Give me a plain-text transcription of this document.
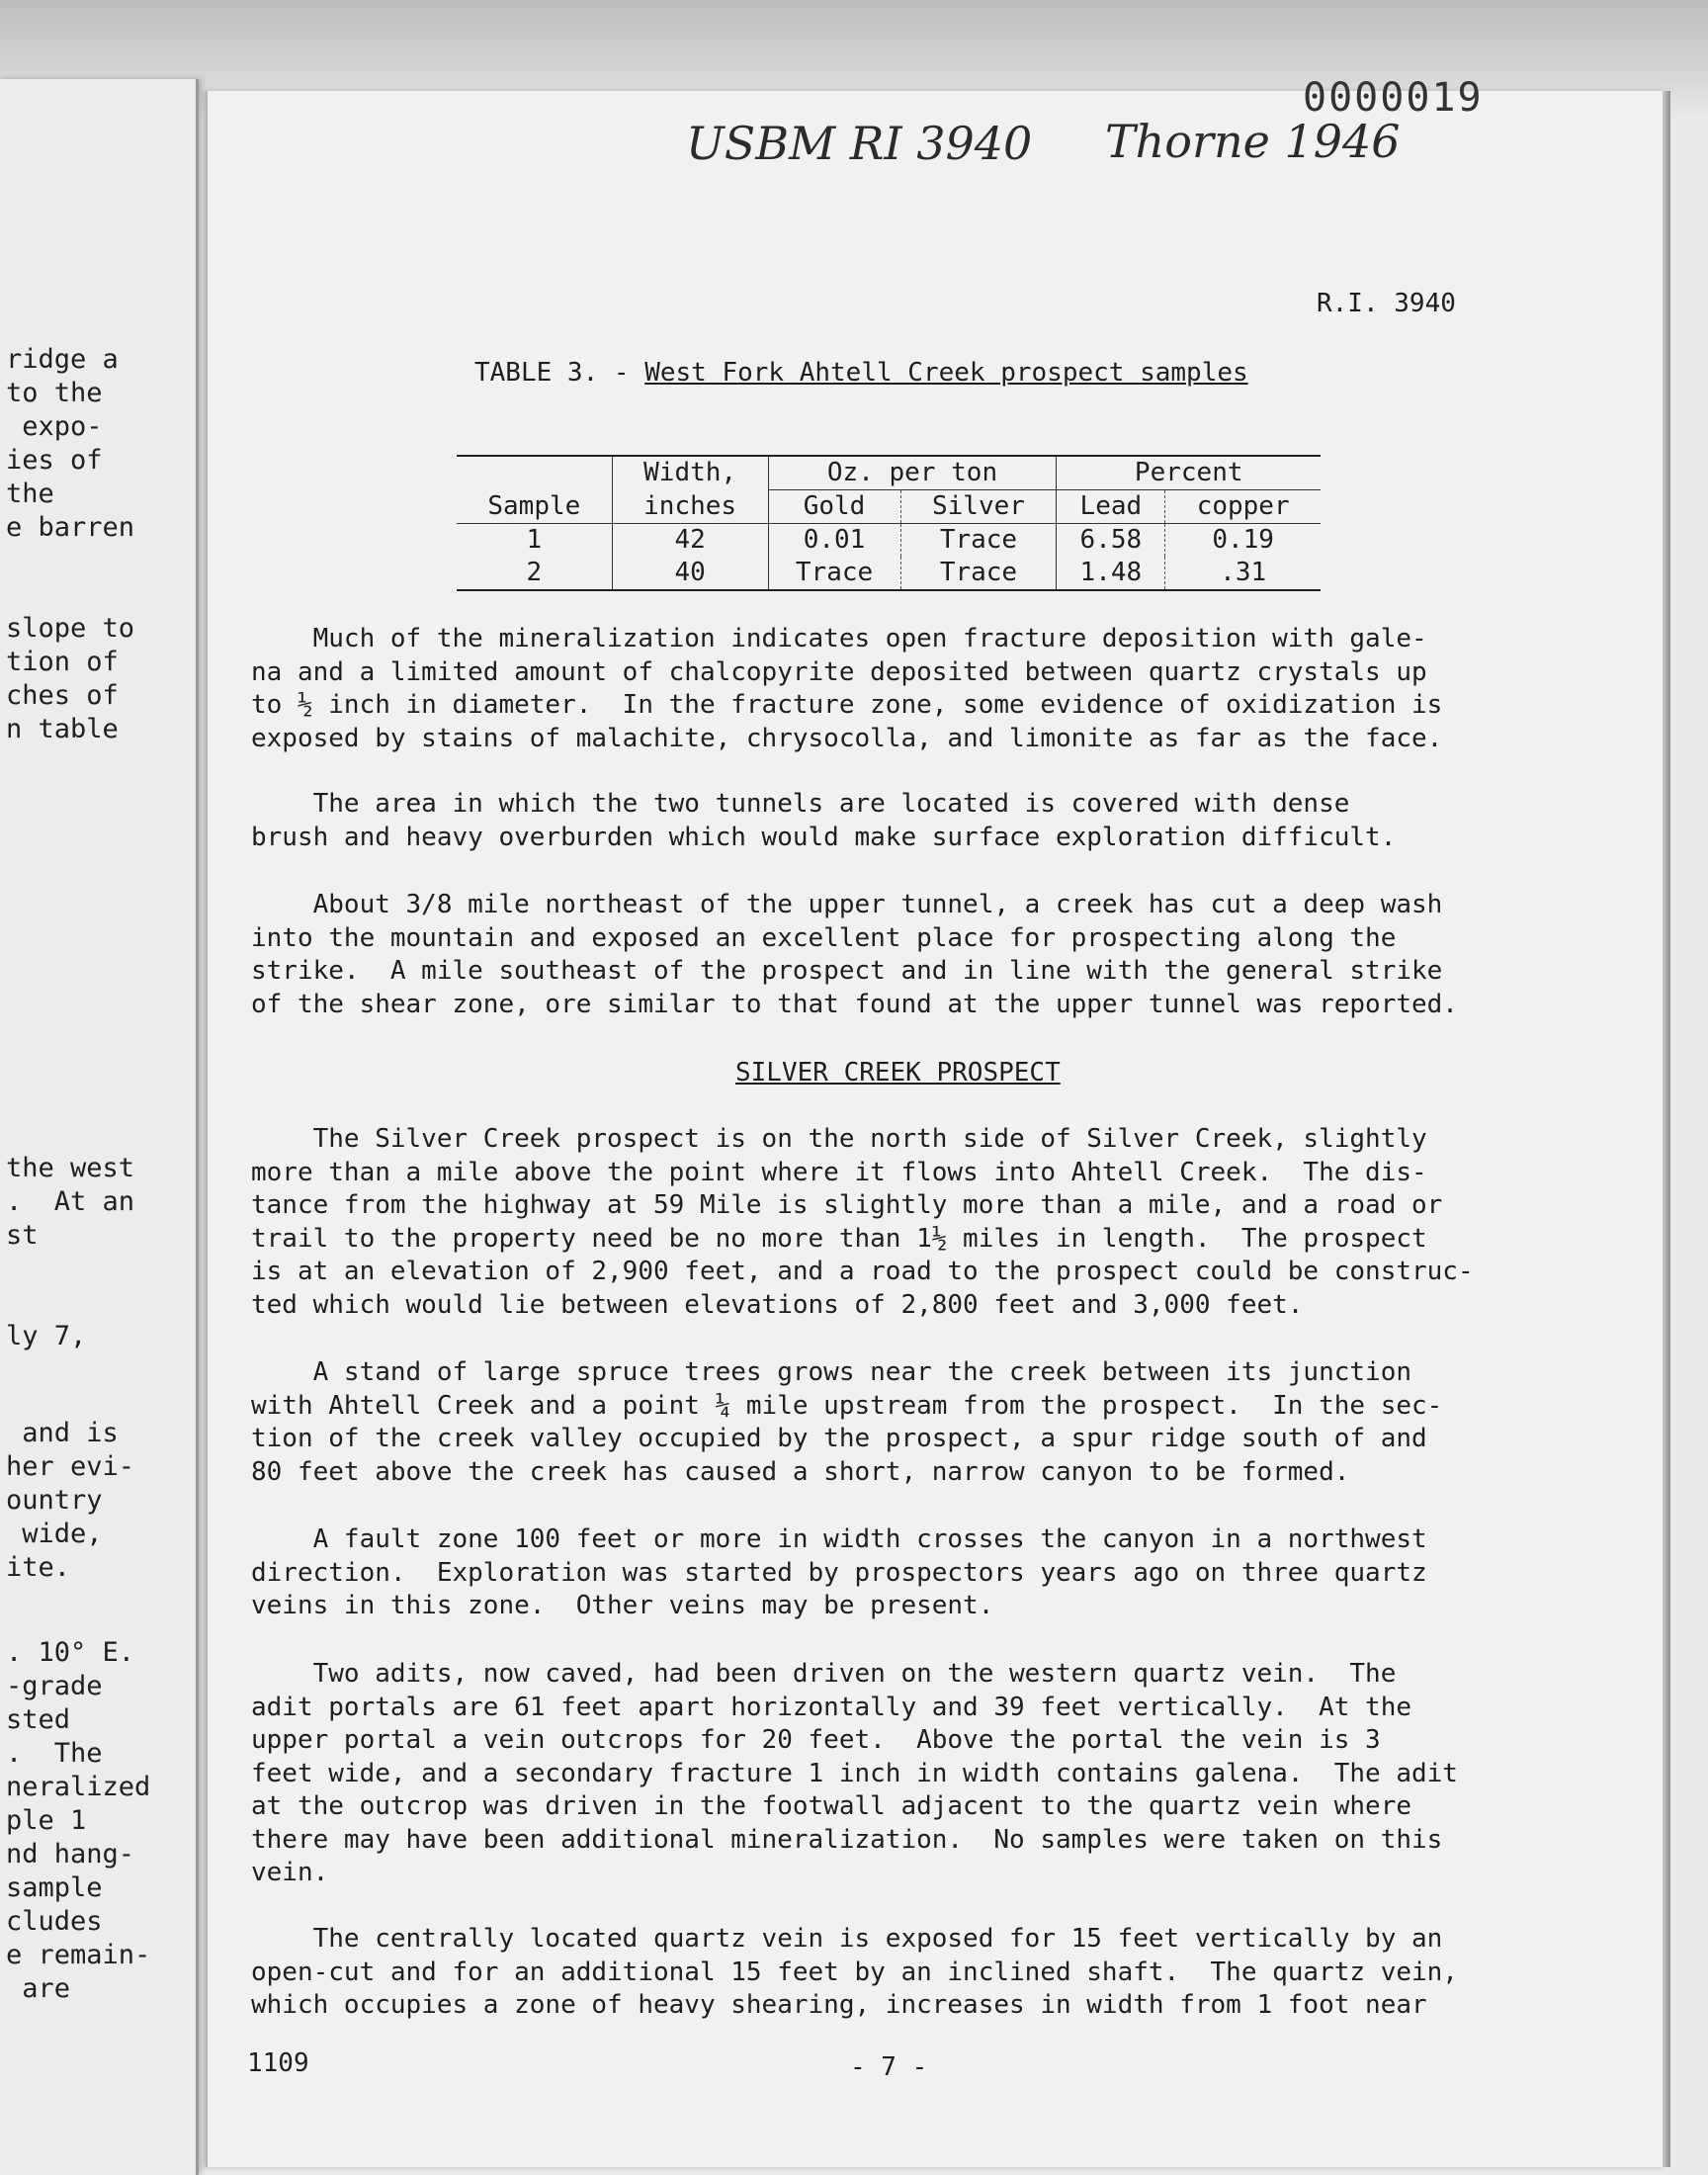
ridge a
to the
expo-
ies of
the
e barren
slope to
tion of
ches of
n table
the west
.  At an
st
ly 7,
and is
her evi-
ountry
wide,
ite.
. 10° E.
-grade
sted
.  The
neralized
ple 1
nd hang-
sample
cludes
e remain-
are
0000019
USBM RI 3940 Thorne 1946
R.I. 3940
TABLE 3. - West Fork Ahtell Creek prospect samples
	Width,	Oz. per ton		Percent	
Sample	inches	Gold	Silver	Lead	copper
1	42	0.01	Trace	6.58	0.19
2	40	Trace	Trace	1.48	.31
Much of the mineralization indicates open fracture deposition with gale-
na and a limited amount of chalcopyrite deposited between quartz crystals up
to ½ inch in diameter.  In the fracture zone, some evidence of oxidization is
exposed by stains of malachite, chrysocolla, and limonite as far as the face.
The area in which the two tunnels are located is covered with dense
brush and heavy overburden which would make surface exploration difficult.
About 3/8 mile northeast of the upper tunnel, a creek has cut a deep wash
into the mountain and exposed an excellent place for prospecting along the
strike.  A mile southeast of the prospect and in line with the general strike
of the shear zone, ore similar to that found at the upper tunnel was reported.
SILVER CREEK PROSPECT
The Silver Creek prospect is on the north side of Silver Creek, slightly
more than a mile above the point where it flows into Ahtell Creek.  The dis-
tance from the highway at 59 Mile is slightly more than a mile, and a road or
trail to the property need be no more than 1½ miles in length.  The prospect
is at an elevation of 2,900 feet, and a road to the prospect could be construc-
ted which would lie between elevations of 2,800 feet and 3,000 feet.
A stand of large spruce trees grows near the creek between its junction
with Ahtell Creek and a point ¼ mile upstream from the prospect.  In the sec-
tion of the creek valley occupied by the prospect, a spur ridge south of and
80 feet above the creek has caused a short, narrow canyon to be formed.
A fault zone 100 feet or more in width crosses the canyon in a northwest
direction.  Exploration was started by prospectors years ago on three quartz
veins in this zone.  Other veins may be present.
Two adits, now caved, had been driven on the western quartz vein.  The
adit portals are 61 feet apart horizontally and 39 feet vertically.  At the
upper portal a vein outcrops for 20 feet.  Above the portal the vein is 3
feet wide, and a secondary fracture 1 inch in width contains galena.  The adit
at the outcrop was driven in the footwall adjacent to the quartz vein where
there may have been additional mineralization.  No samples were taken on this
vein.
The centrally located quartz vein is exposed for 15 feet vertically by an
open-cut and for an additional 15 feet by an inclined shaft.  The quartz vein,
which occupies a zone of heavy shearing, increases in width from 1 foot near
1109	- 7 -
